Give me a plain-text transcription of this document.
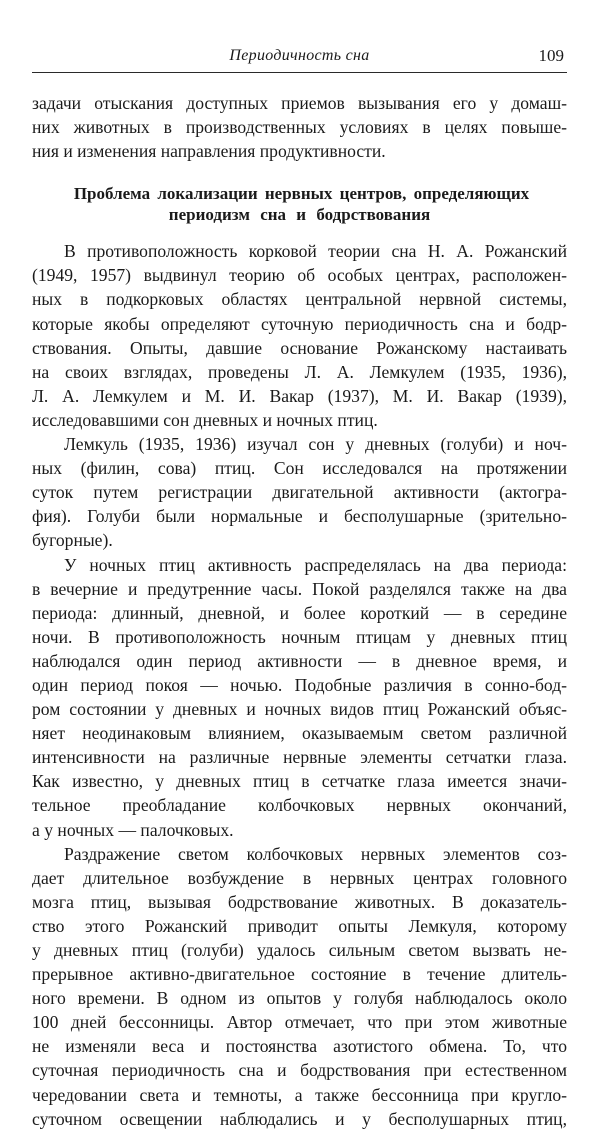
Периодичность сна	109
задачи отыскания доступных приемов вызывания его у домаш-
них животных в производственных условиях в целях повыше-
ния и изменения направления продуктивности.
Проблема локализации нервных центров, определяющих
периодизм сна и бодрствования
В противоположность корковой теории сна Н. А. Рожанский
(1949, 1957) выдвинул теорию об особых центрах, расположен-
ных в подкорковых областях центральной нервной системы,
которые якобы определяют суточную периодичность сна и бодр-
ствования. Опыты, давшие основание Рожанскому настаивать
на своих взглядах, проведены Л. А. Лемкулем (1935, 1936),
Л. А. Лемкулем и М. И. Вакар (1937), М. И. Вакар (1939),
исследовавшими сон дневных и ночных птиц.
Лемкуль (1935, 1936) изучал сон у дневных (голуби) и ноч-
ных (филин, сова) птиц. Сон исследовался на протяжении
суток путем регистрации двигательной активности (актогра-
фия). Голуби были нормальные и бесполушарные (зрительно-
бугорные).
У ночных птиц активность распределялась на два периода:
в вечерние и предутренние часы. Покой разделялся также на два
периода: длинный, дневной, и более короткий — в середине
ночи. В противоположность ночным птицам у дневных птиц
наблюдался один период активности — в дневное время, и
один период покоя — ночью. Подобные различия в сонно-бод-
ром состоянии у дневных и ночных видов птиц Рожанский объяс-
няет неодинаковым влиянием, оказываемым светом различной
интенсивности на различные нервные элементы сетчатки глаза.
Как известно, у дневных птиц в сетчатке глаза имеется значи-
тельное преобладание колбочковых нервных окончаний,
а у ночных — палочковых.
Раздражение светом колбочковых нервных элементов соз-
дает длительное возбуждение в нервных центрах головного
мозга птиц, вызывая бодрствование животных. В доказатель-
ство этого Рожанский приводит опыты Лемкуля, которому
у дневных птиц (голуби) удалось сильным светом вызвать не-
прерывное активно-двигательное состояние в течение длитель-
ного времени. В одном из опытов у голубя наблюдалось около
100 дней бессонницы. Автор отмечает, что при этом животные
не изменяли веса и постоянства азотистого обмена. То, что
суточная периодичность сна и бодрствования при естественном
чередовании света и темноты, а также бессонница при кругло-
суточном освещении наблюдались и у бесполушарных птиц,
